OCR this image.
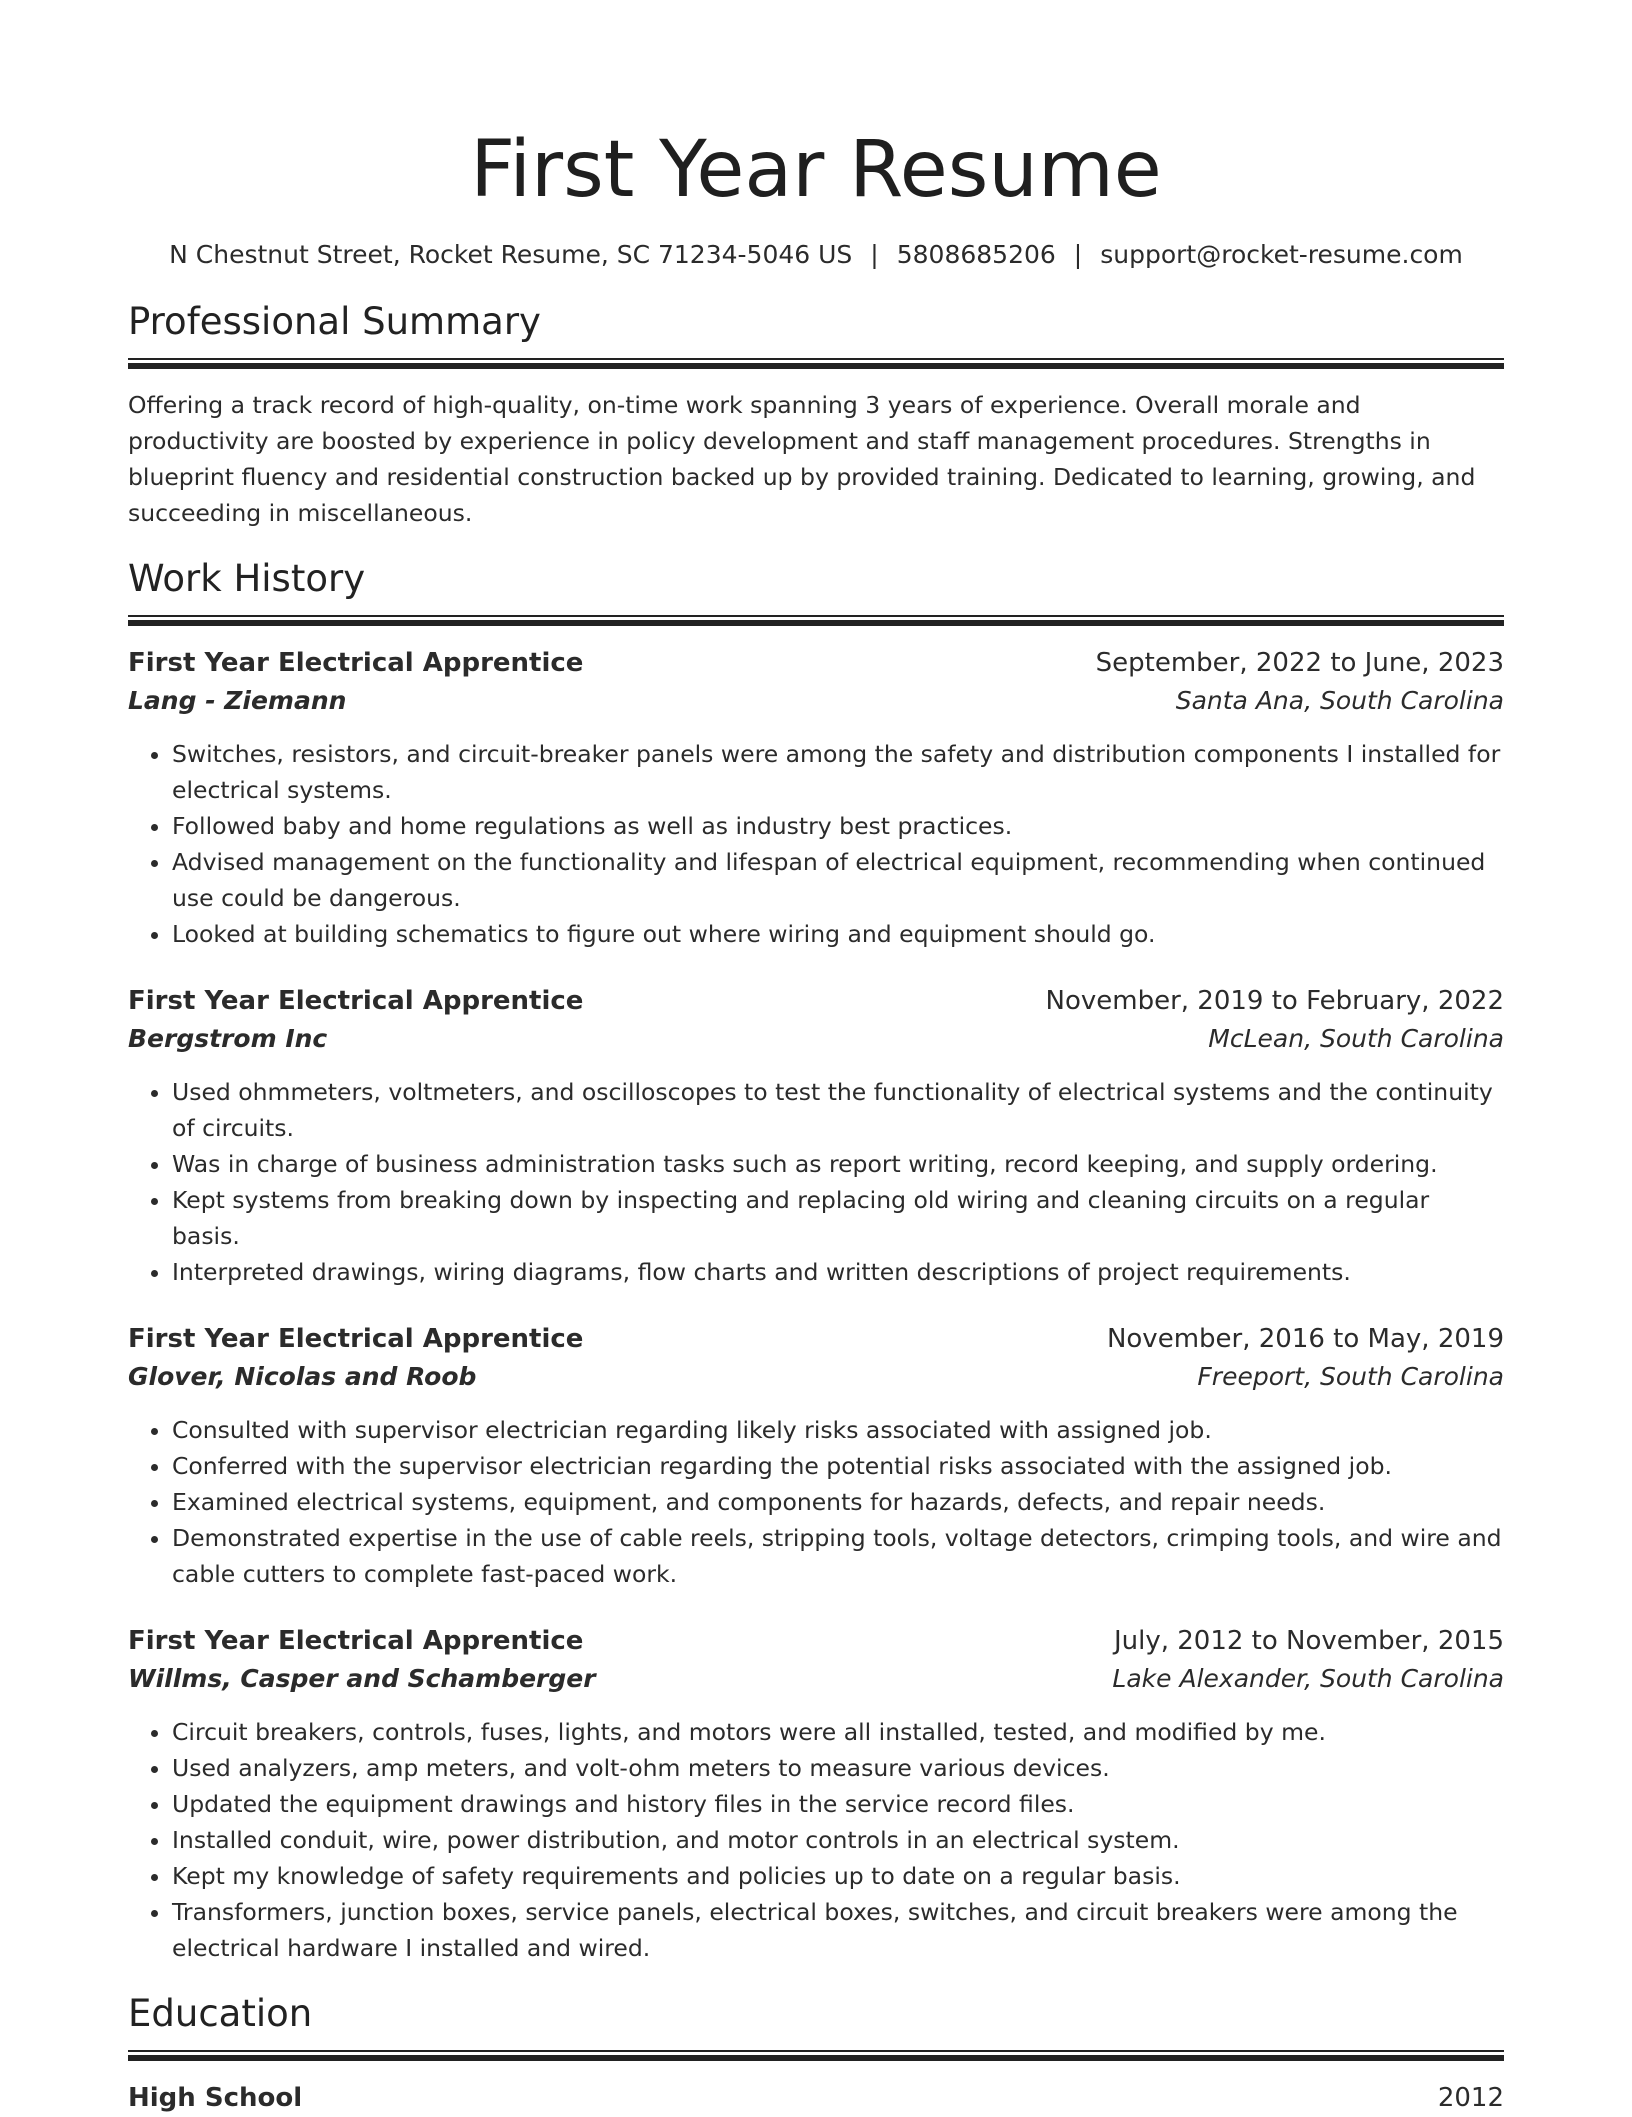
First Year Resume
N Chestnut Street, Rocket Resume, SC 71234-5046 US | 5808685206 | support@rocket-resume.com
Professional Summary

Offering a track record of high-quality, on-time work spanning 3 years of experience. Overall morale and productivity are boosted by experience in policy development and staff management procedures. Strengths in blueprint fluency and residential construction backed up by provided training. Dedicated to learning, growing, and succeeding in miscellaneous.

Work History
First Year Electrical Apprentice	September, 2022 to June, 2023
Lang - Ziemann	Santa Ana, South Carolina
• Switches, resistors, and circuit-breaker panels were among the safety and distribution components I installed for electrical systems.
• Followed baby and home regulations as well as industry best practices.
• Advised management on the functionality and lifespan of electrical equipment, recommending when continued use could be dangerous.
• Looked at building schematics to figure out where wiring and equipment should go.
First Year Electrical Apprentice	November, 2019 to February, 2022
Bergstrom Inc	McLean, South Carolina
• Used ohmmeters, voltmeters, and oscilloscopes to test the functionality of electrical systems and the continuity of circuits.
• Was in charge of business administration tasks such as report writing, record keeping, and supply ordering.
• Kept systems from breaking down by inspecting and replacing old wiring and cleaning circuits on a regular basis.
• Interpreted drawings, wiring diagrams, flow charts and written descriptions of project requirements.
First Year Electrical Apprentice	November, 2016 to May, 2019
Glover, Nicolas and Roob	Freeport, South Carolina
• Consulted with supervisor electrician regarding likely risks associated with assigned job.
• Conferred with the supervisor electrician regarding the potential risks associated with the assigned job.
• Examined electrical systems, equipment, and components for hazards, defects, and repair needs.
• Demonstrated expertise in the use of cable reels, stripping tools, voltage detectors, crimping tools, and wire and cable cutters to complete fast-paced work.
First Year Electrical Apprentice	July, 2012 to November, 2015
Willms, Casper and Schamberger	Lake Alexander, South Carolina
• Circuit breakers, controls, fuses, lights, and motors were all installed, tested, and modified by me.
• Used analyzers, amp meters, and volt-ohm meters to measure various devices.
• Updated the equipment drawings and history files in the service record files.
• Installed conduit, wire, power distribution, and motor controls in an electrical system.
• Kept my knowledge of safety requirements and policies up to date on a regular basis.
• Transformers, junction boxes, service panels, electrical boxes, switches, and circuit breakers were among the electrical hardware I installed and wired.
Education
High School	2012
